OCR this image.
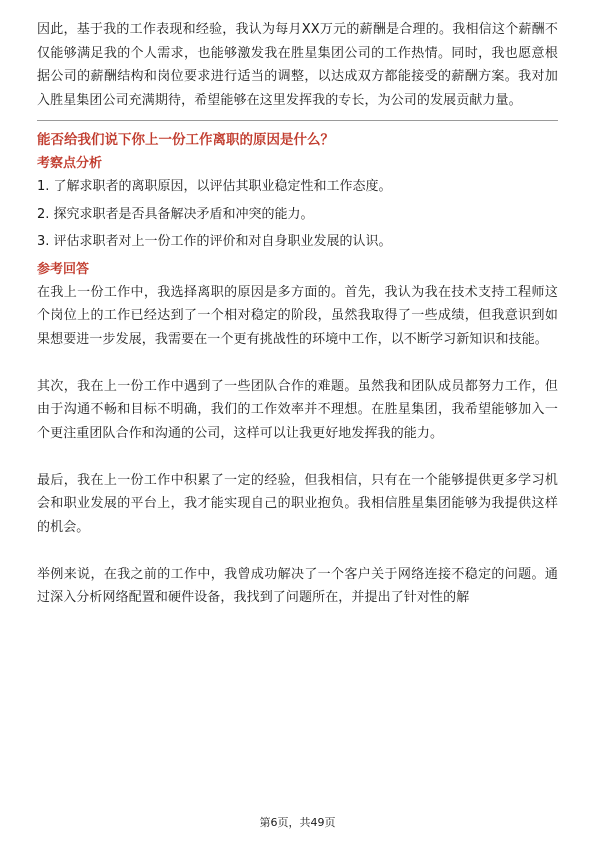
因此，基于我的工作表现和经验，我认为每月XX万元的薪酬是合理的。我相信这个薪酬不仅能够满足我的个人需求，也能够激发我在胜星集团公司的工作热情。同时，我也愿意根据公司的薪酬结构和岗位要求进行适当的调整，以达成双方都能接受的薪酬方案。我对加入胜星集团公司充满期待，希望能够在这里发挥我的专长，为公司的发展贡献力量。

能否给我们说下你上一份工作离职的原因是什么？

考察点分析

1. 了解求职者的离职原因，以评估其职业稳定性和工作态度。
2. 探究求职者是否具备解决矛盾和冲突的能力。
3. 评估求职者对上一份工作的评价和对自身职业发展的认识。

参考回答

在我上一份工作中，我选择离职的原因是多方面的。首先，我认为我在技术支持工程师这个岗位上的工作已经达到了一个相对稳定的阶段，虽然我取得了一些成绩，但我意识到如果想要进一步发展，我需要在一个更有挑战性的环境中工作，以不断学习新知识和技能。

其次，我在上一份工作中遇到了一些团队合作的难题。虽然我和团队成员都努力工作，但由于沟通不畅和目标不明确，我们的工作效率并不理想。在胜星集团，我希望能够加入一个更注重团队合作和沟通的公司，这样可以让我更好地发挥我的能力。

最后，我在上一份工作中积累了一定的经验，但我相信，只有在一个能够提供更多学习机会和职业发展的平台上，我才能实现自己的职业抱负。我相信胜星集团能够为我提供这样的机会。

举例来说，在我之前的工作中，我曾成功解决了一个客户关于网络连接不稳定的问题。通过深入分析网络配置和硬件设备，我找到了问题所在，并提出了针对性的解

第6页，共49页
